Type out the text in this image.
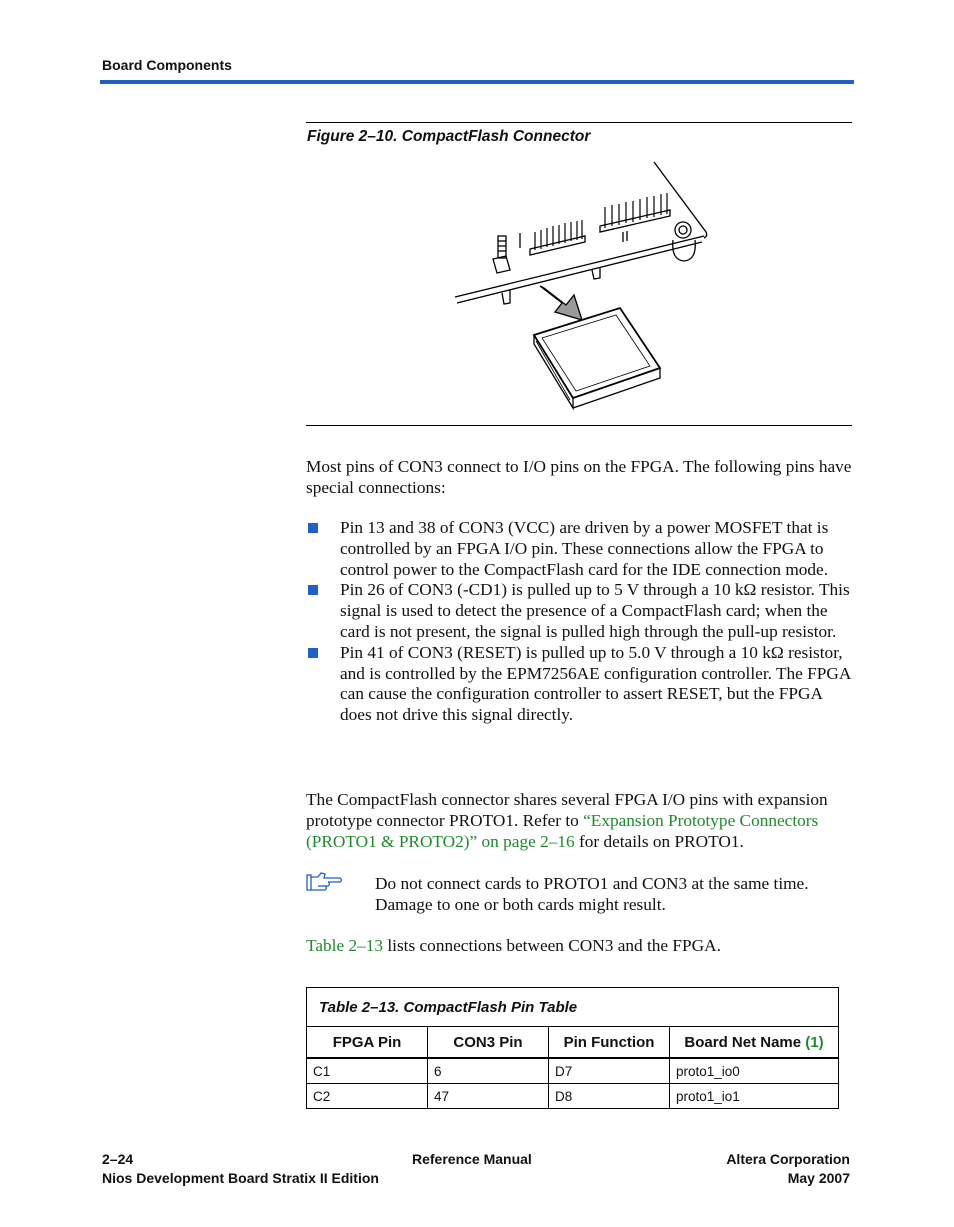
Board Components
Figure 2–10. CompactFlash Connector
Most pins of CON3 connect to I/O pins on the FPGA. The following pins have special connections:
Pin 13 and 38 of CON3 (VCC) are driven by a power MOSFET that is controlled by an FPGA I/O pin. These connections allow the FPGA to control power to the CompactFlash card for the IDE connection mode.
Pin 26 of CON3 (-CD1) is pulled up to 5 V through a 10 kΩ resistor. This signal is used to detect the presence of a CompactFlash card; when the card is not present, the signal is pulled high through the pull-up resistor.
Pin 41 of CON3 (RESET) is pulled up to 5.0 V through a 10 kΩ resistor, and is controlled by the EPM7256AE configuration controller. The FPGA can cause the configuration controller to assert RESET, but the FPGA does not drive this signal directly.
The CompactFlash connector shares several FPGA I/O pins with expansion prototype connector PROTO1. Refer to “Expansion Prototype Connectors (PROTO1 & PROTO2)” on page 2–16 for details on PROTO1.
Do not connect cards to PROTO1 and CON3 at the same time. Damage to one or both cards might result.
Table 2–13 lists connections between CON3 and the FPGA.
Table 2–13. CompactFlash Pin Table			
FPGA Pin	CON3 Pin	Pin Function	Board Net Name (1)
C1	6	D7	proto1_io0
C2	47	D8	proto1_io1
2–24	Reference Manual	Altera Corporation
Nios Development Board Stratix II Edition	May 2007
